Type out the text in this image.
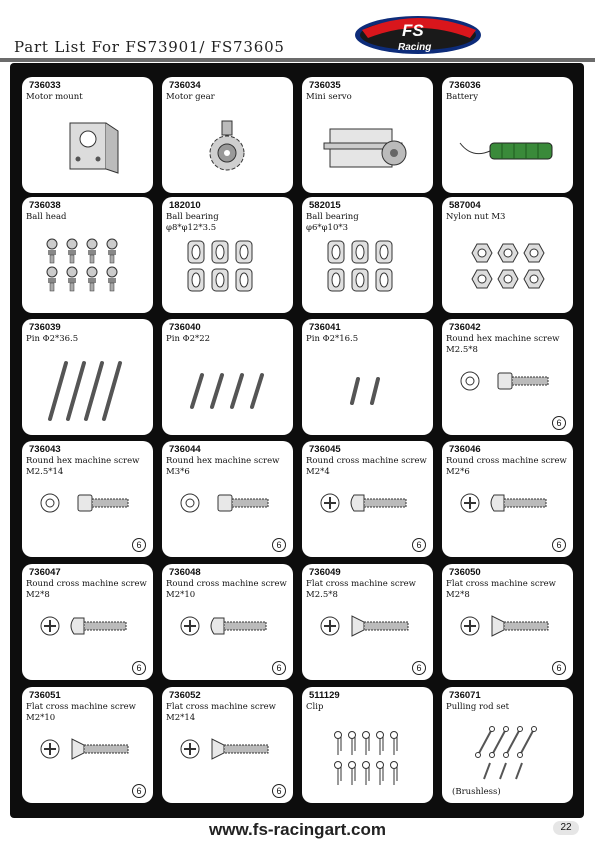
Part List For FS73901/ FS73605
FS
Racing
736033
Motor mount
736034
Motor gear
736035
Mini servo
736036
Battery
736038
Ball head
182010
Ball bearing
φ8*φ12*3.5
582015
Ball bearing
φ6*φ10*3
587004
Nylon nut M3
736039
Pin Φ2*36.5
736040
Pin Φ2*22
736041
Pin Φ2*16.5
736042
Round hex machine screw
M2.5*8
6
736043
Round hex machine screw
M2.5*14
6
736044
Round hex machine screw
M3*6
6
736045
Round cross machine screw
M2*4
6
736046
Round cross machine screw
M2*6
6
736047
Round cross machine screw
M2*8
6
736048
Round cross machine screw
M2*10
6
736049
Flat cross machine screw
M2.5*8
6
736050
Flat cross machine screw
M2*8
6
736051
Flat cross machine screw
M2*10
6
736052
Flat cross machine screw
M2*14
6
511129
Clip
736071
Pulling rod set
(Brushless)
www.fs-racingart.com	22
